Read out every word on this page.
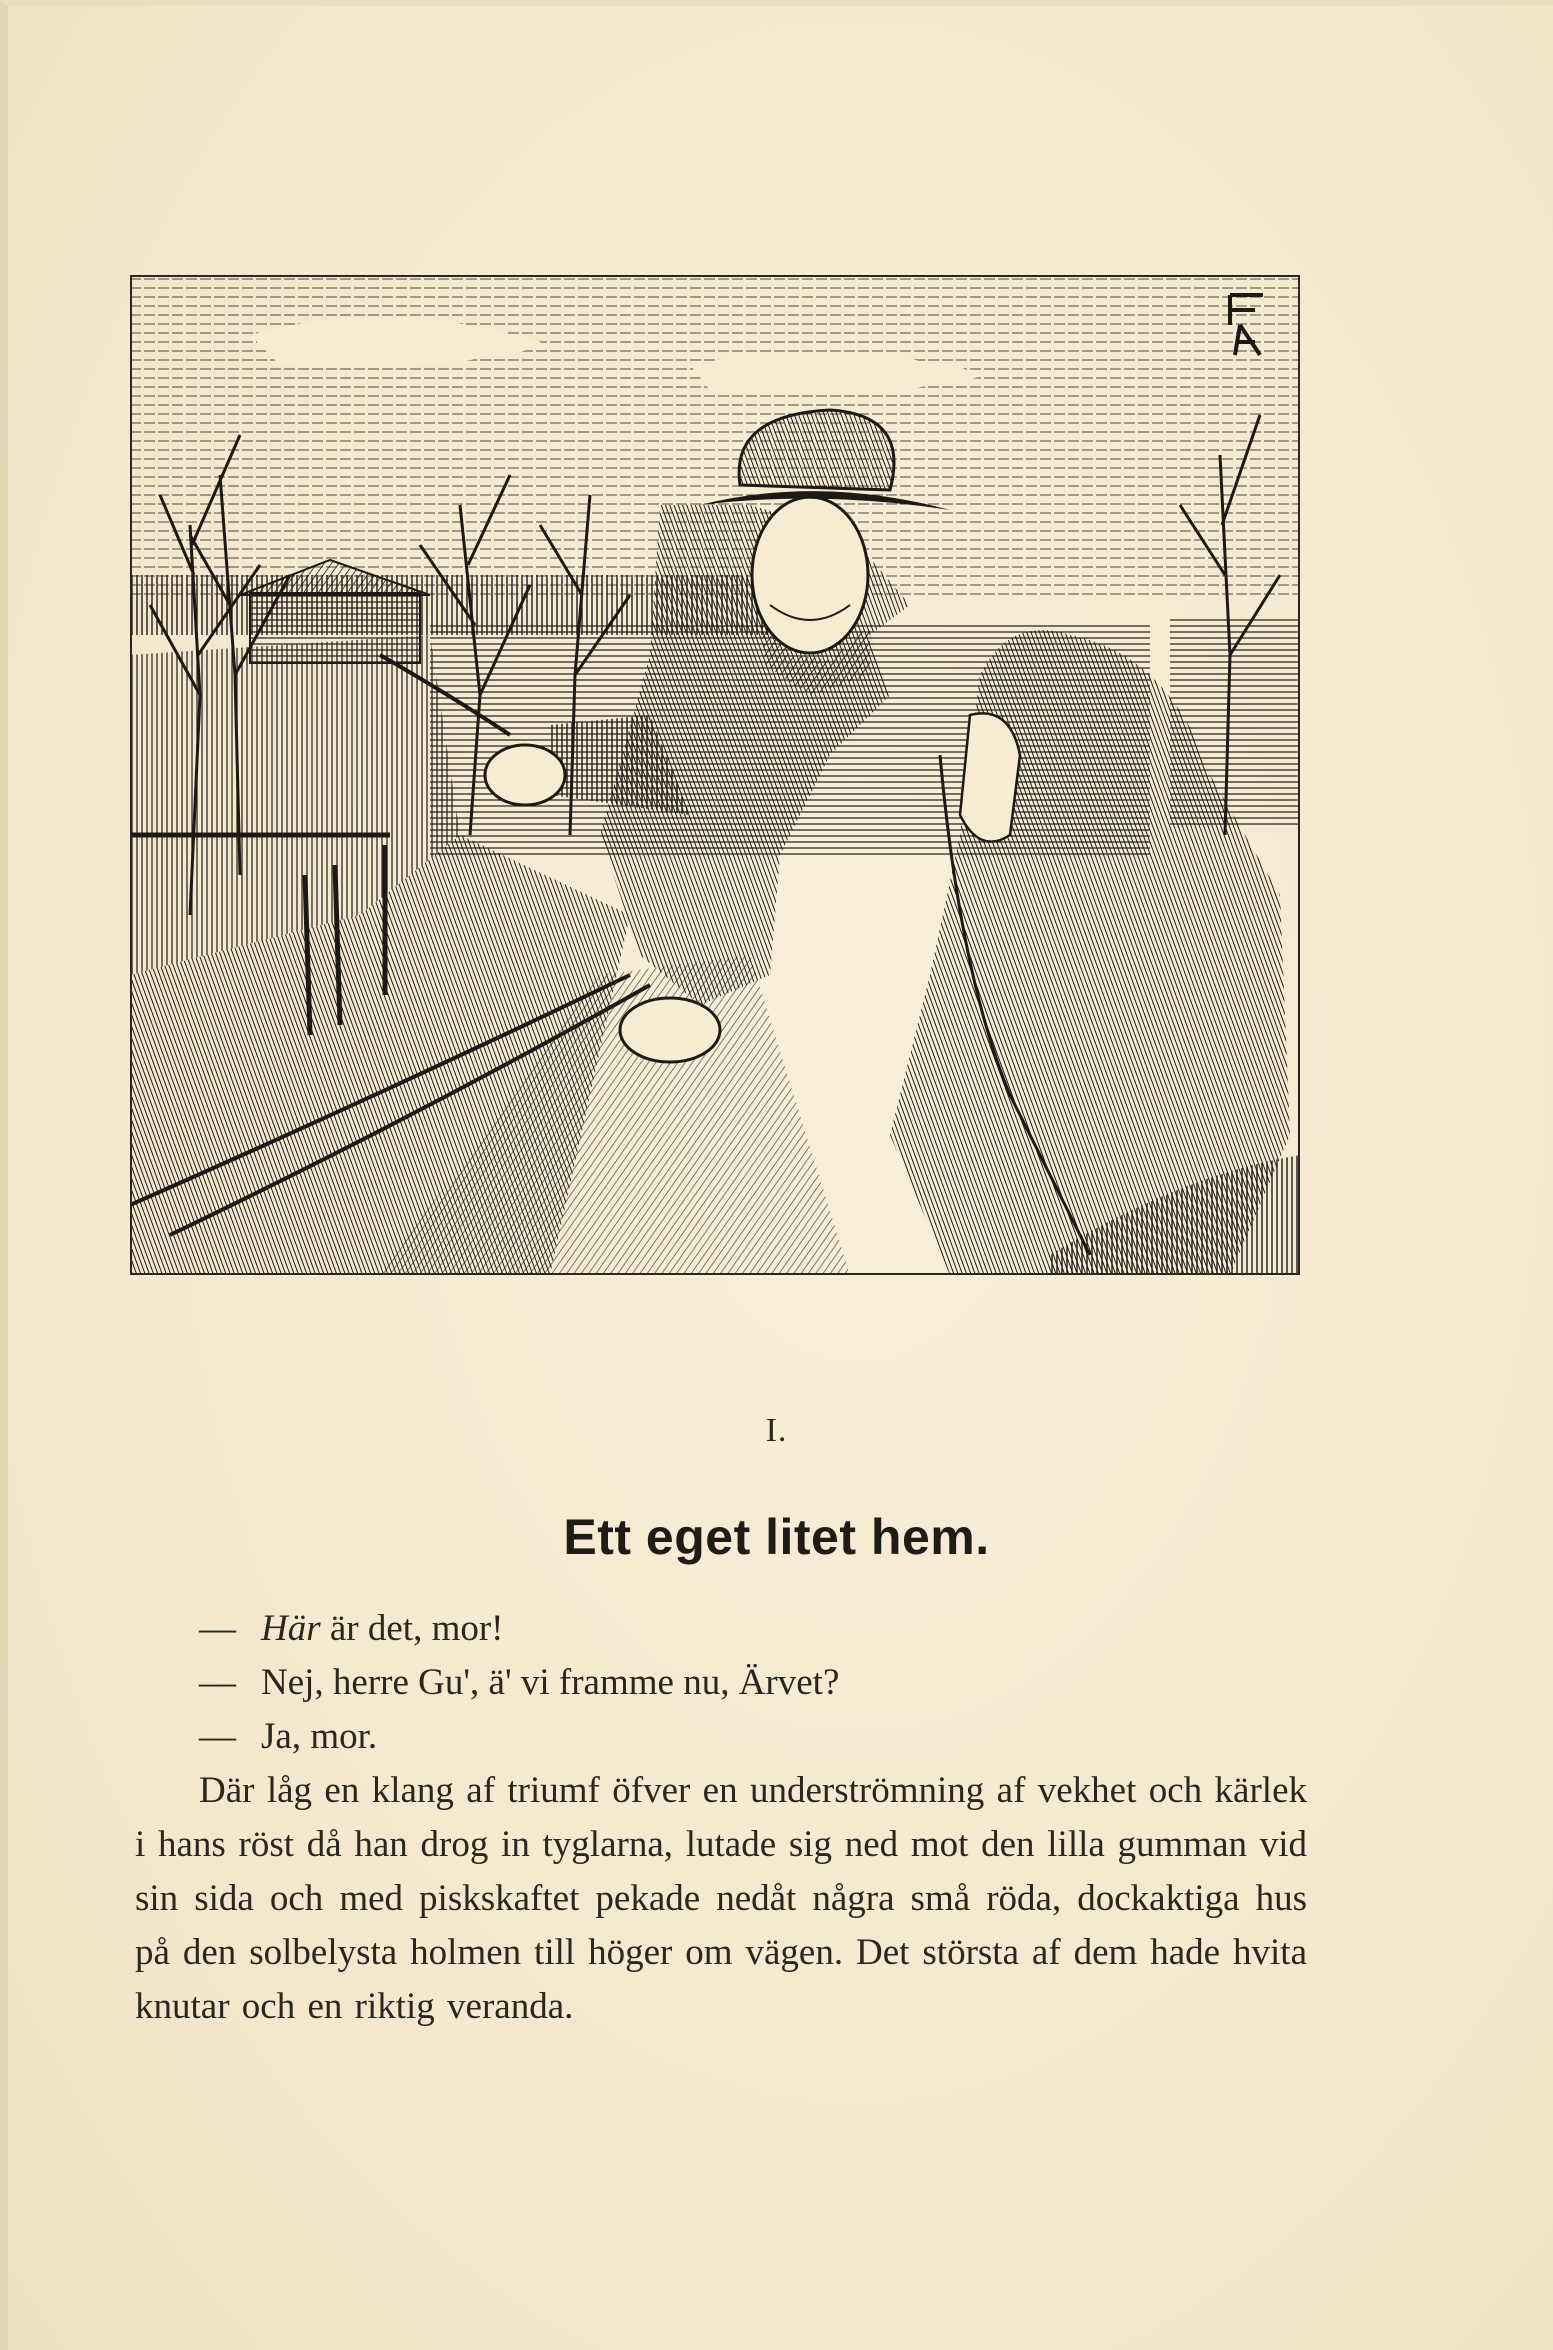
I.
Ett eget litet hem.

— Här är det, mor!

— Nej, herre Gu', ä' vi framme nu, Ärvet?

— Ja, mor.

Där låg en klang af triumf öfver en underströmning af vekhet och kärlek i hans röst då han drog in tyglarna, lutade sig ned mot den lilla gumman vid sin sida och med piskskaftet pekade nedåt några små röda, dockaktiga hus på den solbelysta holmen till höger om vägen. Det största af dem hade hvita knutar och en riktig veranda.
